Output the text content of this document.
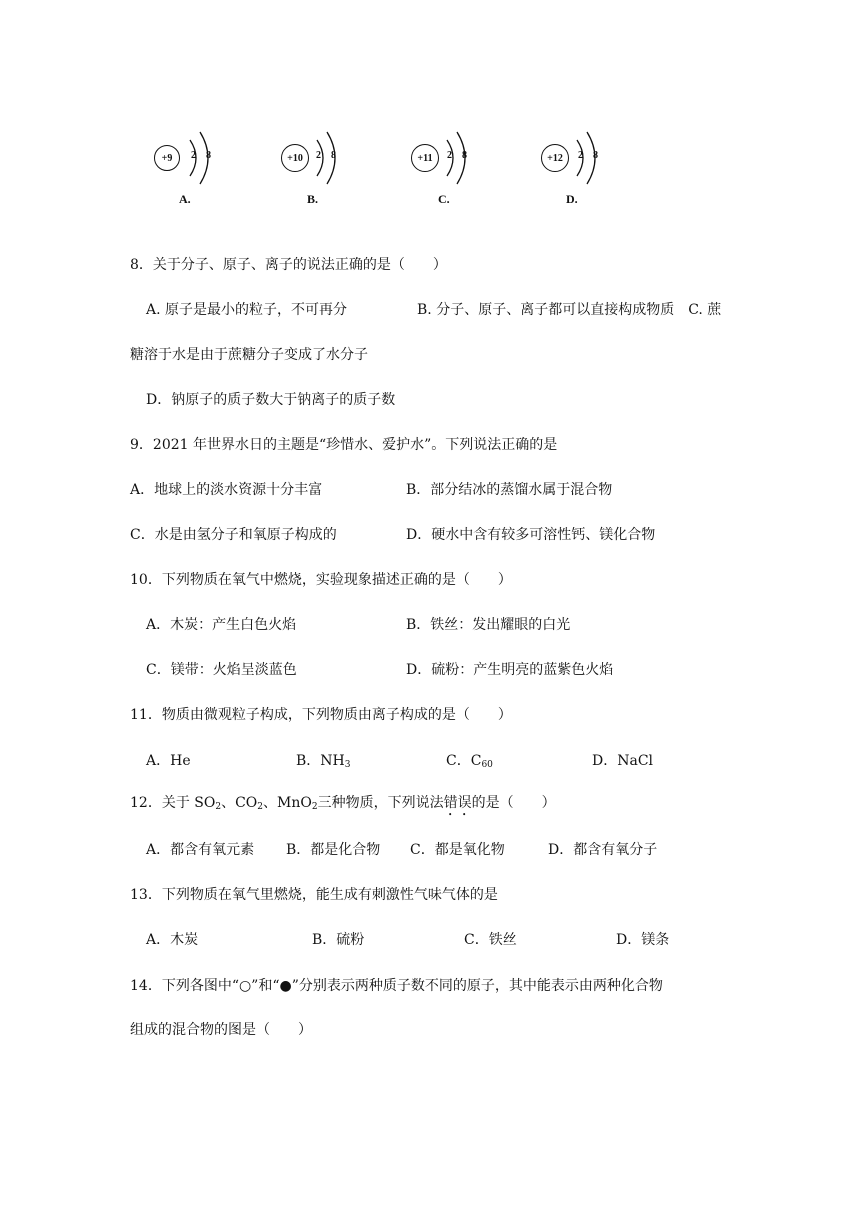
+9	2 8	+10	2 8	+11	2 8	+12	2 8
A.	B.	C.	D.
8．关于分子、原子、离子的说法正确的是（　　）
A. 原子是最小的粒子，不可再分　　　　　B. 分子、原子、离子都可以直接构成物质　C. 蔗
糖溶于水是由于蔗糖分子变成了水分子
D．钠原子的质子数大于钠离子的质子数
9．2021 年世界水日的主题是“珍惜水、爱护水”。下列说法正确的是
A．地球上的淡水资源十分丰富	B．部分结冰的蒸馏水属于混合物
C．水是由氢分子和氧原子构成的	D．硬水中含有较多可溶性钙、镁化合物
10．下列物质在氧气中燃烧，实验现象描述正确的是（　　）
A．木炭：产生白色火焰	B．铁丝：发出耀眼的白光
C．镁带：火焰呈淡蓝色	D．硫粉：产生明亮的蓝紫色火焰
11．物质由微观粒子构成，下列物质由离子构成的是（　　）
A．He	B．$NH_3$	C．$C_{60}$	D．NaCl
12．关于 $SO_2$、$CO_2$、MnO$_2$三种物质，下列说法错误的是（　　）
A．都含有氧元素 B．都是化合物 C．都是氧化物	D．都含有氧分子
13．下列物质在氧气里燃烧，能生成有刺激性气味气体的是
A．木炭	B．硫粉	C．铁丝	D．镁条
14．下列各图中“○”和“●”分别表示两种质子数不同的原子，其中能表示由两种化合物
组成的混合物的图是（　　）
